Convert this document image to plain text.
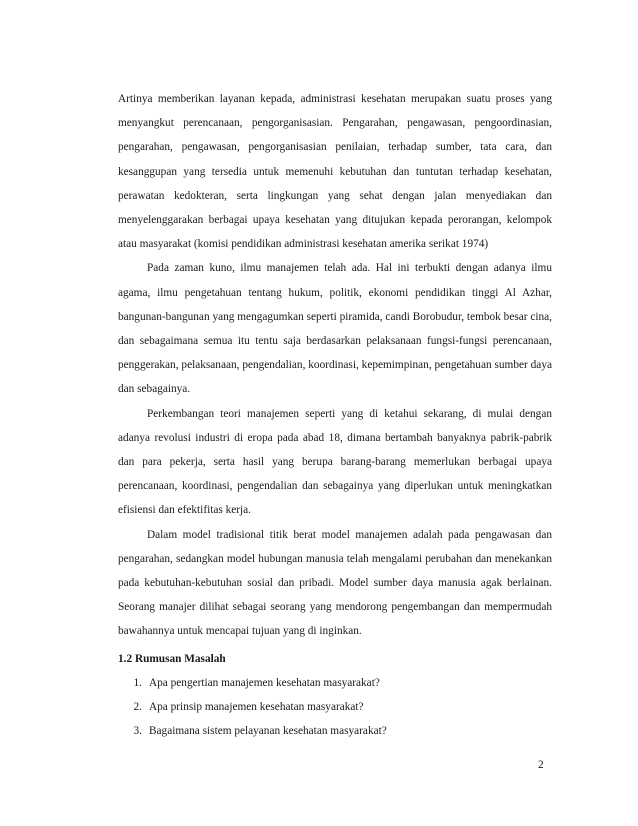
Artinya memberikan layanan kepada, administrasi kesehatan merupakan suatu proses yang menyangkut perencanaan, pengorganisasian. Pengarahan, pengawasan, pengoordinasian, pengarahan, pengawasan, pengorganisasian penilaian, terhadap sumber, tata cara, dan kesanggupan yang tersedia untuk memenuhi kebutuhan dan tuntutan terhadap kesehatan, perawatan kedokteran, serta lingkungan yang sehat dengan jalan menyediakan dan menyelenggarakan berbagai upaya kesehatan yang ditujukan kepada perorangan, kelompok atau masyarakat (komisi pendidikan administrasi kesehatan amerika serikat 1974)

Pada zaman kuno, ilmu manajemen telah ada. Hal ini terbukti dengan adanya ilmu agama, ilmu pengetahuan tentang hukum, politik, ekonomi pendidikan tinggi Al Azhar, bangunan-bangunan yang mengagumkan seperti piramida, candi Borobudur, tembok besar cina, dan sebagaimana semua itu tentu saja berdasarkan pelaksanaan fungsi-fungsi perencanaan, penggerakan, pelaksanaan, pengendalian, koordinasi, kepemimpinan, pengetahuan sumber daya dan sebagainya.

Perkembangan teori manajemen seperti yang di ketahui sekarang, di mulai dengan adanya revolusi industri di eropa pada abad 18, dimana bertambah banyaknya pabrik-pabrik dan para pekerja, serta hasil yang berupa barang-barang memerlukan berbagai upaya perencanaan, koordinasi, pengendalian dan sebagainya yang diperlukan untuk meningkatkan efisiensi dan efektifitas kerja.

Dalam model tradisional titik berat model manajemen adalah pada pengawasan dan pengarahan, sedangkan model hubungan manusia telah mengalami perubahan dan menekankan pada kebutuhan-kebutuhan sosial dan pribadi. Model sumber daya manusia agak berlainan. Seorang manajer dilihat sebagai seorang yang mendorong pengembangan dan mempermudah bawahannya untuk mencapai tujuan yang di inginkan.

1.2 Rumusan Masalah
1. Apa pengertian manajemen kesehatan masyarakat?
2. Apa prinsip manajemen kesehatan masyarakat?
3. Bagaimana sistem pelayanan kesehatan masyarakat?
2
